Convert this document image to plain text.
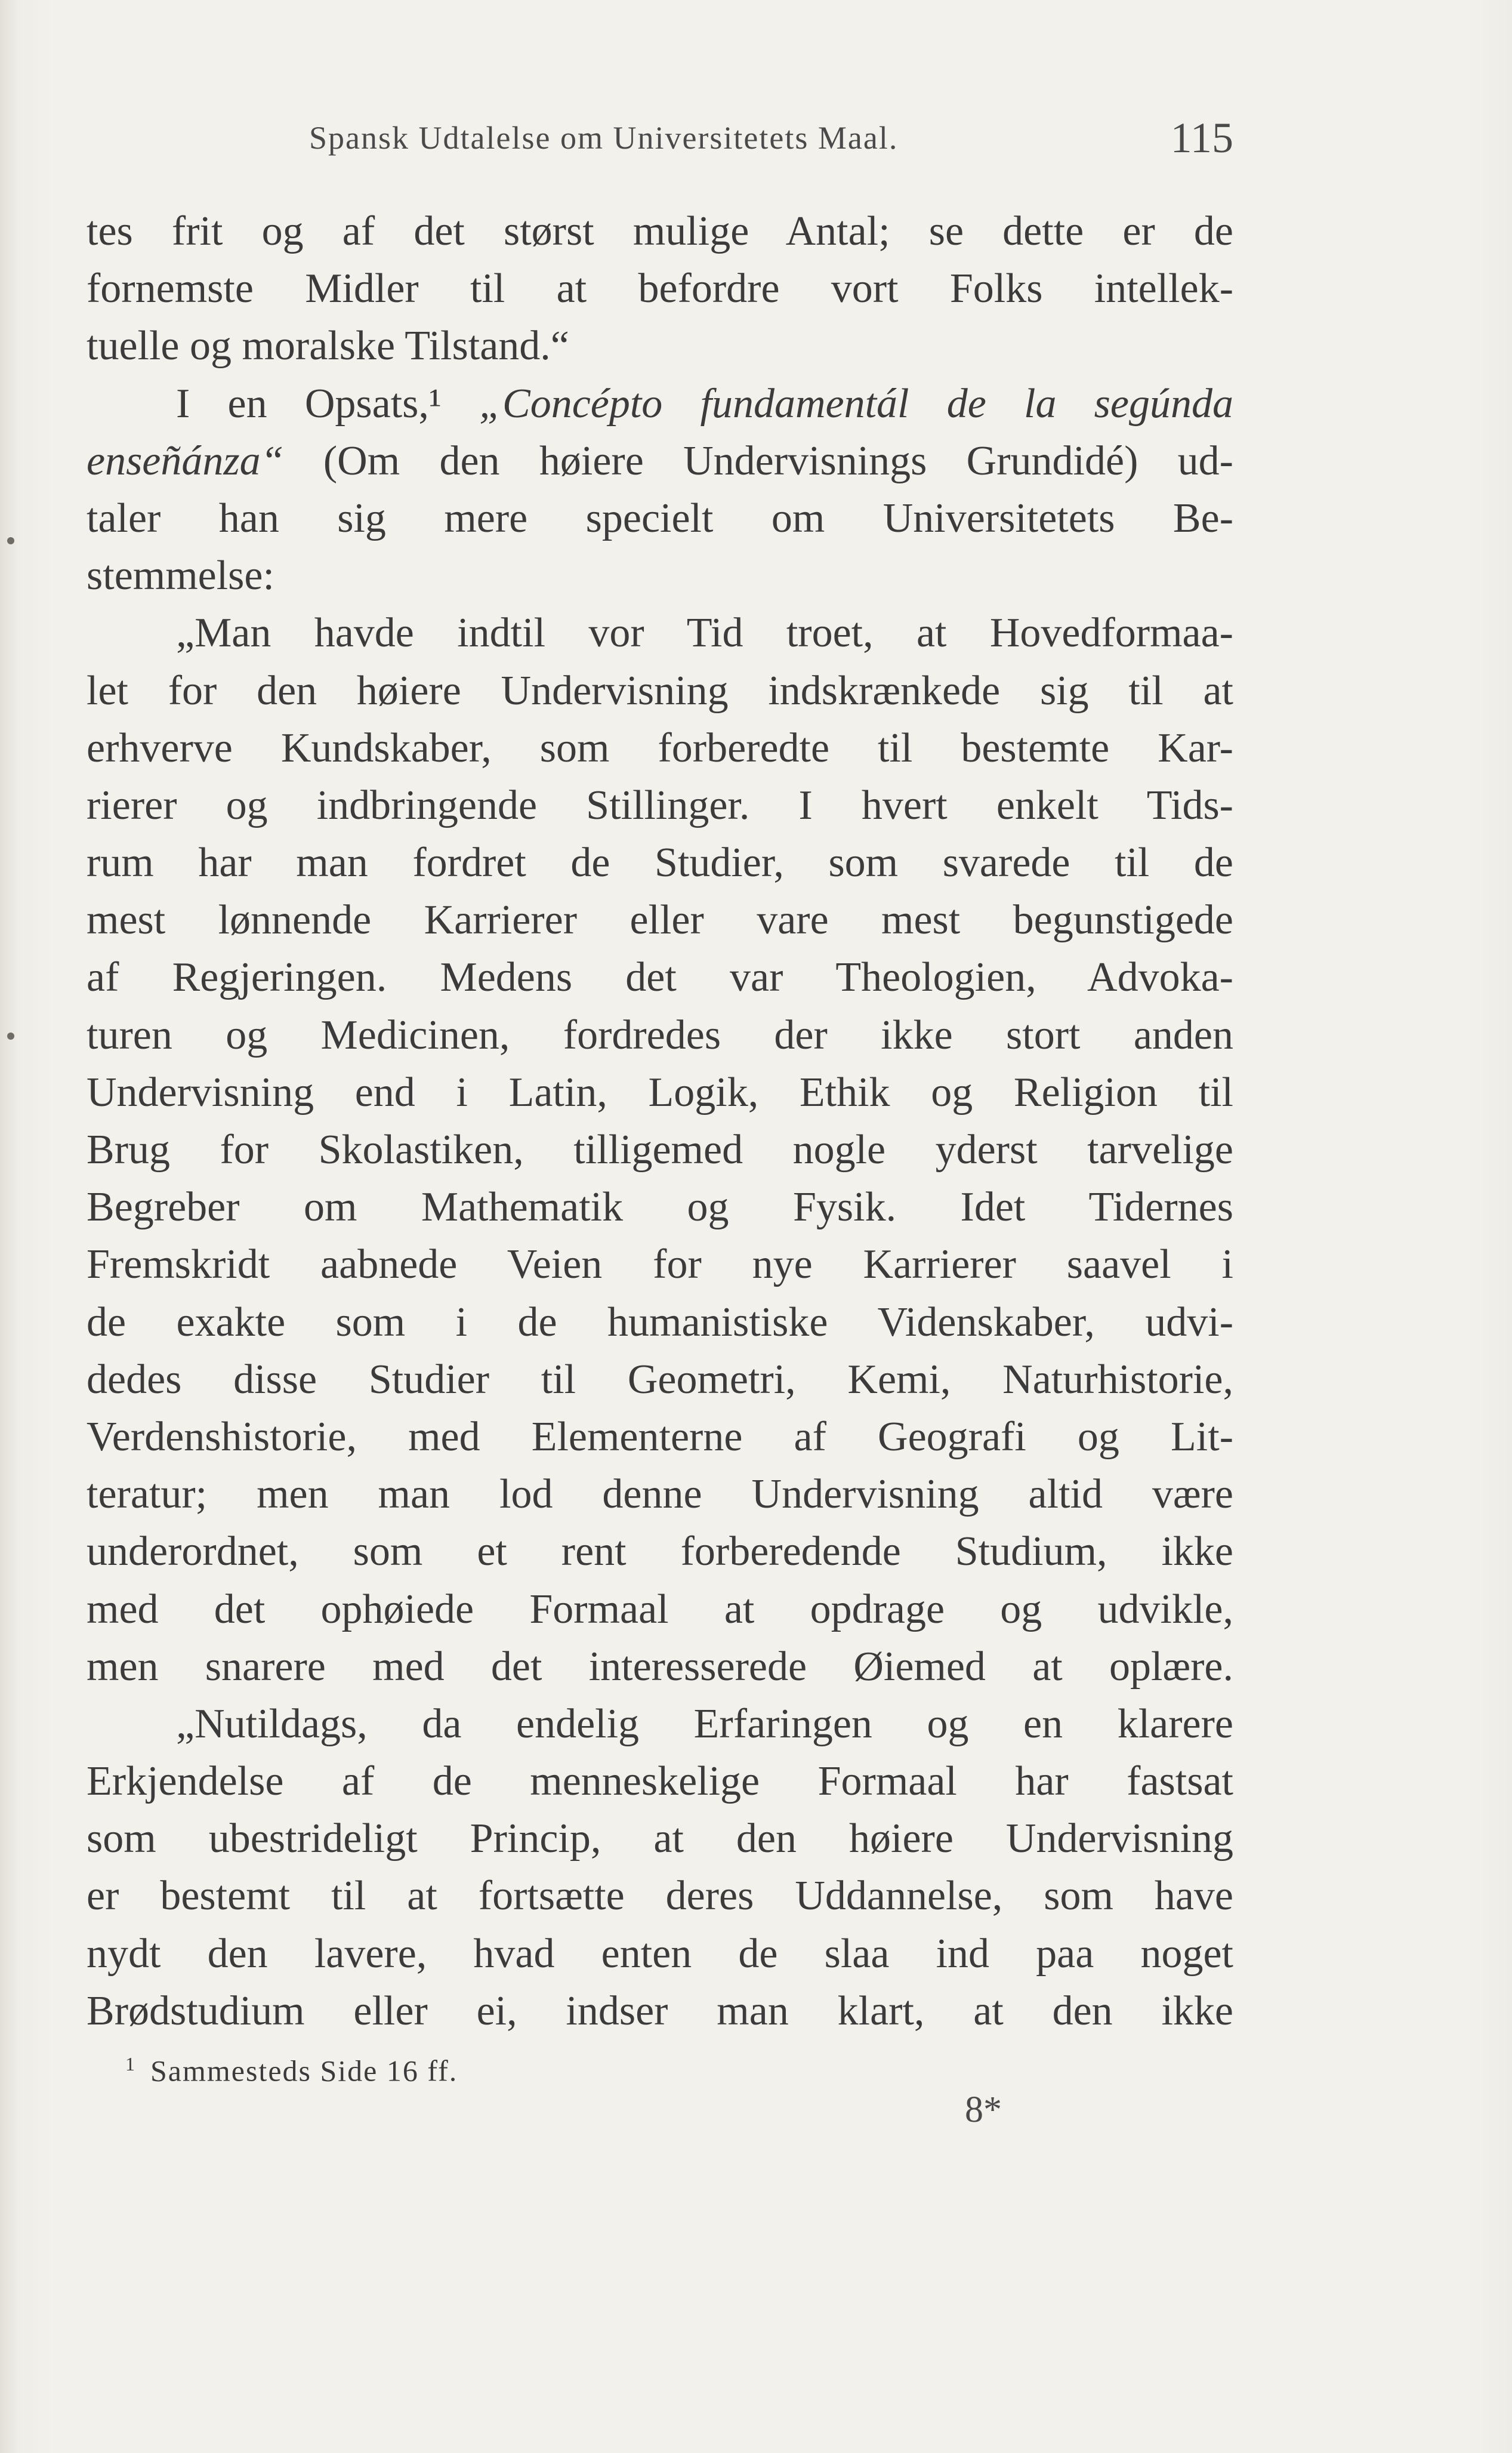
Spansk Udtalelse om Universitetets Maal.	115
tes frit og af det størst mulige Antal; se dette er de
fornemste Midler til at befordre vort Folks intellek-
tuelle og moralske Tilstand.“
I en Opsats,¹ „Concépto fundamentál de la segúnda
enseñánza“ (Om den høiere Undervisnings Grundidé) ud-
taler han sig mere specielt om Universitetets Be-
stemmelse:
„Man havde indtil vor Tid troet, at Hovedformaa-
let for den høiere Undervisning indskrænkede sig til at
erhverve Kundskaber, som forberedte til bestemte Kar-
rierer og indbringende Stillinger. I hvert enkelt Tids-
rum har man fordret de Studier, som svarede til de
mest lønnende Karrierer eller vare mest begunstigede
af Regjeringen. Medens det var Theologien, Advoka-
turen og Medicinen, fordredes der ikke stort anden
Undervisning end i Latin, Logik, Ethik og Religion til
Brug for Skolastiken, tilligemed nogle yderst tarvelige
Begreber om Mathematik og Fysik. Idet Tidernes
Fremskridt aabnede Veien for nye Karrierer saavel i
de exakte som i de humanistiske Videnskaber, udvi-
dedes disse Studier til Geometri, Kemi, Naturhistorie,
Verdenshistorie, med Elementerne af Geografi og Lit-
teratur; men man lod denne Undervisning altid være
underordnet, som et rent forberedende Studium, ikke
med det ophøiede Formaal at opdrage og udvikle,
men snarere med det interesserede Øiemed at oplære.
„Nutildags, da endelig Erfaringen og en klarere
Erkjendelse af de menneskelige Formaal har fastsat
som ubestrideligt Princip, at den høiere Undervisning
er bestemt til at fortsætte deres Uddannelse, som have
nydt den lavere, hvad enten de slaa ind paa noget
Brødstudium eller ei, indser man klart, at den ikke
$^1$ Sammesteds Side 16 ff.
8*
